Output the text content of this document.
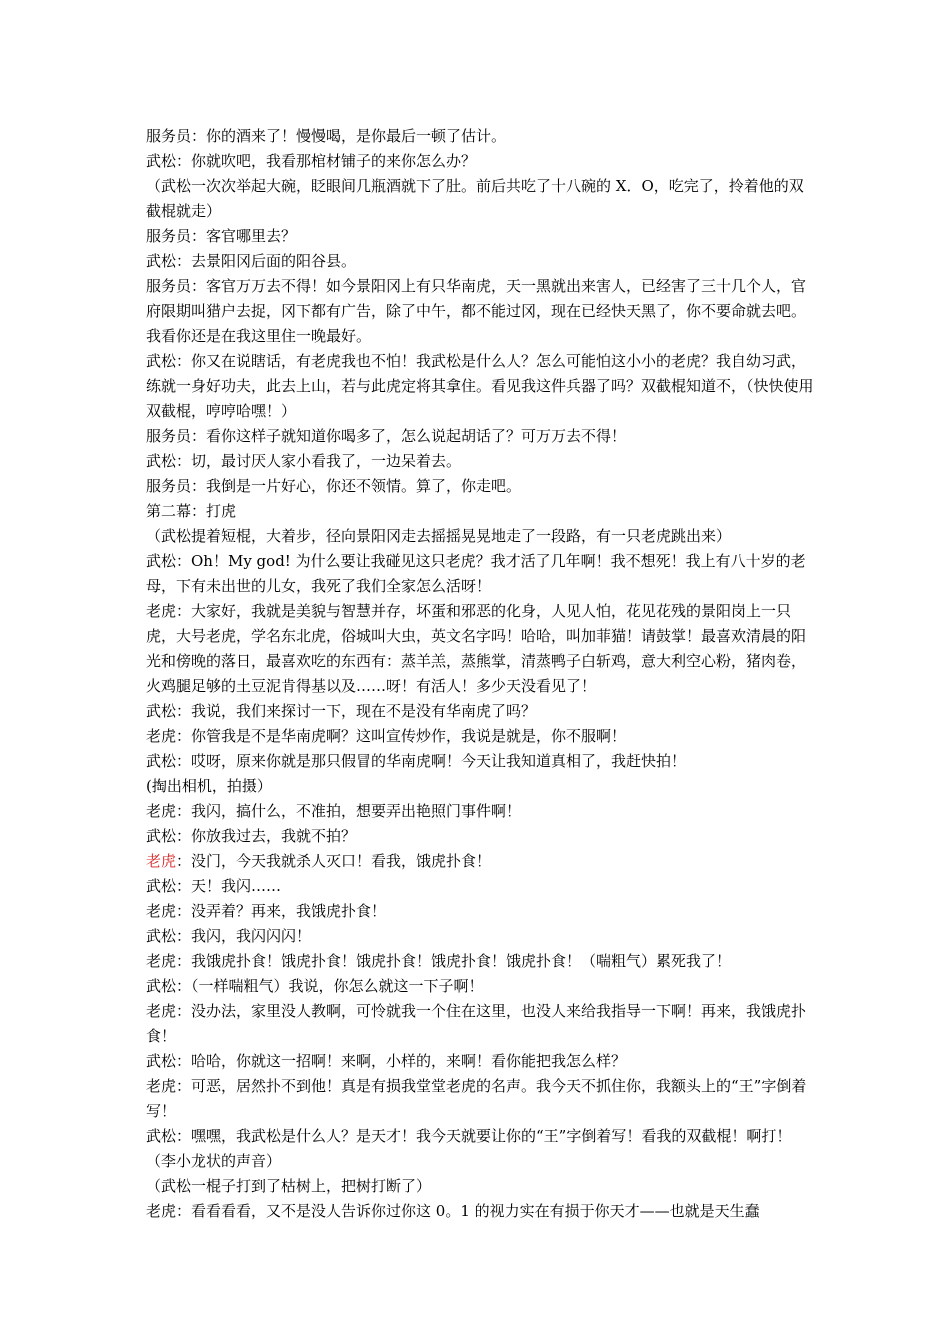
服务员：你的酒来了！慢慢喝，是你最后一顿了估计。

武松：你就吹吧，我看那棺材铺子的来你怎么办？

（武松一次次举起大碗，眨眼间几瓶酒就下了肚。前后共吃了十八碗的 X．O，吃完了，拎着他的双截棍就走）

服务员：客官哪里去？

武松：去景阳冈后面的阳谷县。

服务员：客官万万去不得！如今景阳冈上有只华南虎，天一黑就出来害人，已经害了三十几个人，官府限期叫猎户去捉，冈下都有广告，除了中午，都不能过冈，现在已经快天黑了，你不要命就去吧。我看你还是在我这里住一晚最好。

武松：你又在说瞎话，有老虎我也不怕！我武松是什么人？怎么可能怕这小小的老虎？我自幼习武，练就一身好功夫，此去上山，若与此虎定将其拿住。看见我这件兵器了吗？双截棍知道不，（快快使用双截棍，哼哼哈嘿！）

服务员：看你这样子就知道你喝多了，怎么说起胡话了？可万万去不得！

武松：切，最讨厌人家小看我了，一边呆着去。

服务员：我倒是一片好心，你还不领情。算了，你走吧。

第二幕：打虎

（武松提着短棍，大着步，径向景阳冈走去摇摇晃晃地走了一段路，有一只老虎跳出来）

武松：Oh！My god! 为什么要让我碰见这只老虎？我才活了几年啊！我不想死！我上有八十岁的老母，下有未出世的儿女，我死了我们全家怎么活呀！

老虎：大家好，我就是美貌与智慧并存，坏蛋和邪恶的化身，人见人怕，花见花残的景阳岗上一只虎，大号老虎，学名东北虎，俗城叫大虫，英文名字吗！哈哈，叫加菲猫！请鼓掌！最喜欢清晨的阳光和傍晚的落日，最喜欢吃的东西有：蒸羊羔，蒸熊掌，清蒸鸭子白斩鸡，意大利空心粉，猪肉卷，火鸡腿足够的土豆泥肯得基以及……呀！有活人！多少天没看见了！

武松：我说，我们来探讨一下，现在不是没有华南虎了吗？

老虎：你管我是不是华南虎啊？这叫宣传炒作，我说是就是，你不服啊！

武松：哎呀，原来你就是那只假冒的华南虎啊！今天让我知道真相了，我赶快拍！

(掏出相机，拍摄）

老虎：我闪，搞什么，不准拍，想要弄出艳照门事件啊！

武松：你放我过去，我就不拍？

老虎：没门，今天我就杀人灭口！看我，饿虎扑食！

武松：天！我闪……

老虎：没弄着？再来，我饿虎扑食！

武松：我闪，我闪闪闪！

老虎：我饿虎扑食！饿虎扑食！饿虎扑食！饿虎扑食！饿虎扑食！（喘粗气）累死我了！

武松：（一样喘粗气）我说，你怎么就这一下子啊！

老虎：没办法，家里没人教啊，可怜就我一个住在这里，也没人来给我指导一下啊！再来，我饿虎扑食！

武松：哈哈，你就这一招啊！来啊，小样的，来啊！看你能把我怎么样？

老虎：可恶，居然扑不到他！真是有损我堂堂老虎的名声。我今天不抓住你，我额头上的“王”字倒着写！

武松：嘿嘿，我武松是什么人？是天才！我今天就要让你的“王”字倒着写！看我的双截棍！啊打！（李小龙状的声音）

（武松一棍子打到了枯树上，把树打断了）

老虎：看看看看，又不是没人告诉你过你这 0。1 的视力实在有损于你天才——也就是天生蠢
